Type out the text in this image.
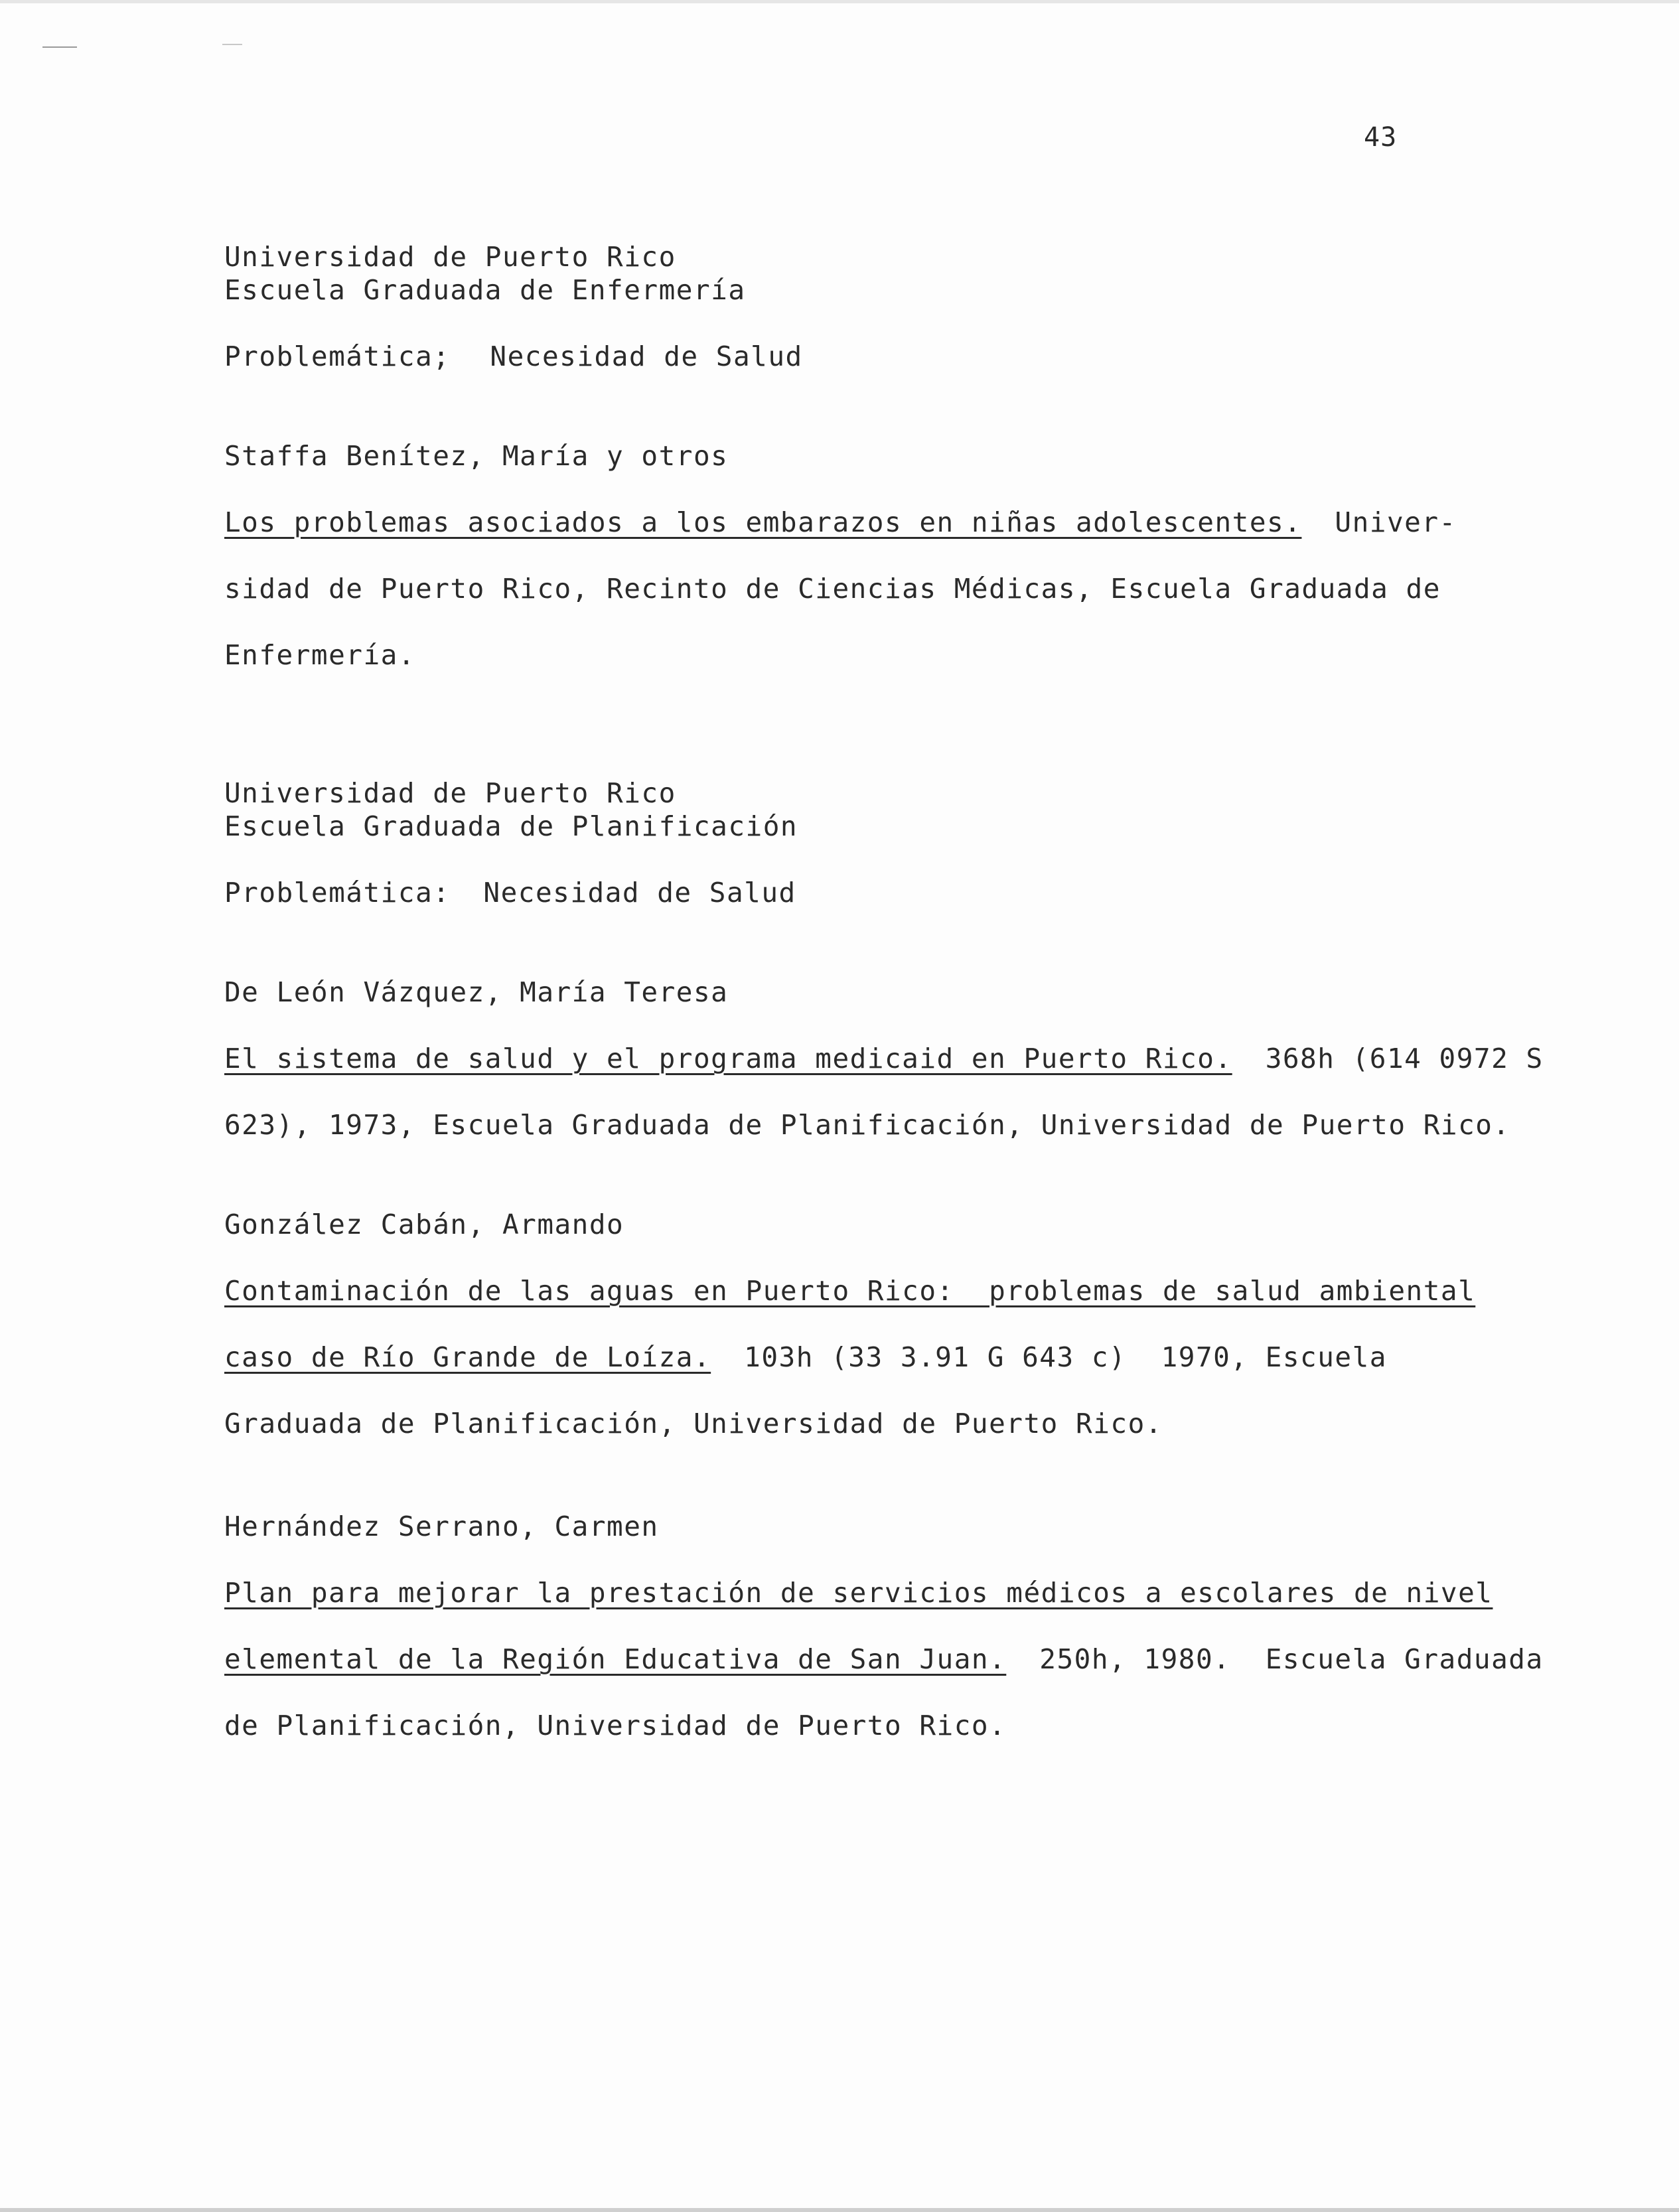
43
Universidad de Puerto Rico
Escuela Graduada de Enfermería
Problemática; Necesidad de Salud
Staffa Benítez, María y otros
Los problemas asociados a los embarazos en niñas adolescentes. Univer-
sidad de Puerto Rico, Recinto de Ciencias Médicas, Escuela Graduada de
Enfermería.
Universidad de Puerto Rico
Escuela Graduada de Planificación
Problemática: Necesidad de Salud
De León Vázquez, María Teresa
El sistema de salud y el programa medicaid en Puerto Rico. 368h (614 0972 S
623), 1973, Escuela Graduada de Planificación, Universidad de Puerto Rico.
González Cabán, Armando
Contaminación de las aguas en Puerto Rico:  problemas de salud ambiental
caso de Río Grande de Loíza. 103h (33 3.91 G 643 c)  1970, Escuela
Graduada de Planificación, Universidad de Puerto Rico.
Hernández Serrano, Carmen
Plan para mejorar la prestación de servicios médicos a escolares de nivel
elemental de la Región Educativa de San Juan. 250h, 1980.  Escuela Graduada
de Planificación, Universidad de Puerto Rico.
